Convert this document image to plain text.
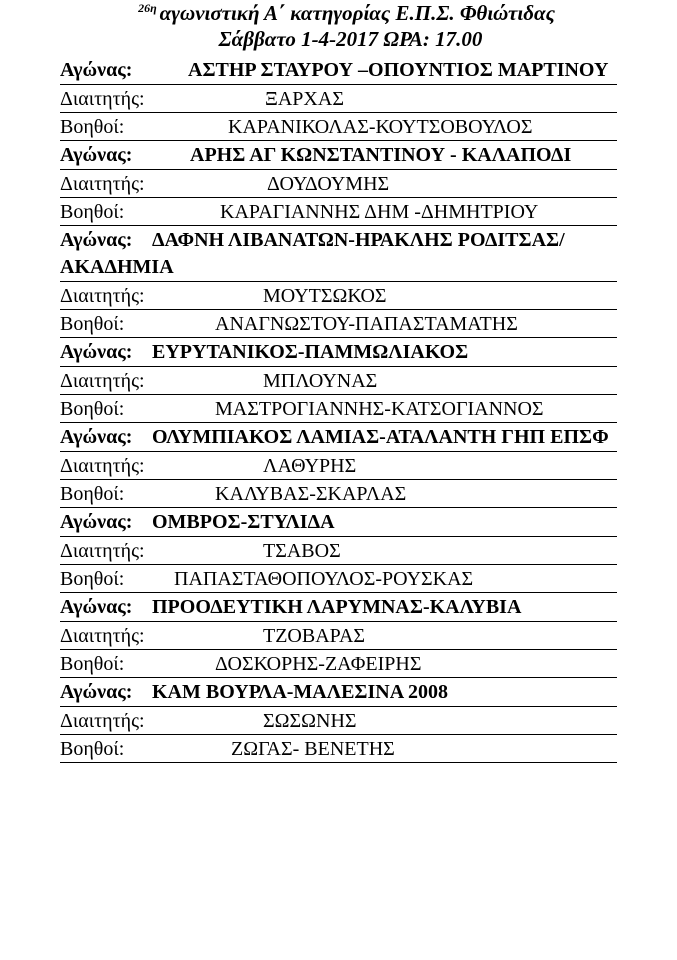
$^{26\eta}$ αγωνιστική Α΄ κατηγορίας Ε.Π.Σ. Φθιώτιδας
Σάββατο 1-4-2017 ΩΡΑ: 17.00
Αγώνας:	ΑΣΤΗΡ ΣΤΑΥΡΟΥ –ΟΠΟΥΝΤΙΟΣ ΜΑΡΤΙΝΟΥ
Διαιτητής:	ΞΑΡΧΑΣ
Βοηθοί:	ΚΑΡΑΝΙΚΟΛΑΣ-ΚΟΥΤΣΟΒΟΥΛΟΣ
Αγώνας:	ΑΡΗΣ ΑΓ ΚΩΝΣΤΑΝΤΙΝΟΥ - ΚΑΛΑΠΟΔΙ
Διαιτητής:	ΔΟΥΔΟΥΜΗΣ
Βοηθοί:	ΚΑΡΑΓΙΑΝΝΗΣ ΔΗΜ -ΔΗΜΗΤΡΙΟΥ
Αγώνας: ΔΑΦΝΗ ΛΙΒΑΝΑΤΩΝ-ΗΡΑΚΛΗΣ ΡΟΔΙΤΣΑΣ/ΑΚΑΔΗΜΙΑ
Διαιτητής:	ΜΟΥΤΣΩΚΟΣ
Βοηθοί:	ΑΝΑΓΝΩΣΤΟΥ-ΠΑΠΑΣΤΑΜΑΤΗΣ
Αγώνας: ΕΥΡΥΤΑΝΙΚΟΣ-ΠΑΜΜΩΛΙΑΚΟΣ
Διαιτητής:	ΜΠΛΟΥΝΑΣ
Βοηθοί:	ΜΑΣΤΡΟΓΙΑΝΝΗΣ-ΚΑΤΣΟΓΙΑΝΝΟΣ
Αγώνας: ΟΛΥΜΠΙΑΚΟΣ ΛΑΜΙΑΣ-ΑΤΑΛΑΝΤΗ ΓΗΠ ΕΠΣΦ
Διαιτητής:	ΛΑΘΥΡΗΣ
Βοηθοί:	ΚΑΛΥΒΑΣ-ΣΚΑΡΛΑΣ
Αγώνας: ΟΜΒΡΟΣ-ΣΤΥΛΙΔΑ
Διαιτητής:	ΤΣΑΒΟΣ
Βοηθοί: ΠΑΠΑΣΤΑΘΟΠΟΥΛΟΣ-ΡΟΥΣΚΑΣ
Αγώνας: ΠΡΟΟΔΕΥΤΙΚΗ ΛΑΡΥΜΝΑΣ-ΚΑΛΥΒΙΑ
Διαιτητής:	ΤΖΟΒΑΡΑΣ
Βοηθοί:	ΔΟΣΚΟΡΗΣ-ΖΑΦΕΙΡΗΣ
Αγώνας: ΚΑΜ ΒΟΥΡΛΑ-ΜΑΛΕΣΙΝΑ 2008
Διαιτητής:	ΣΩΣΩΝΗΣ
Βοηθοί:	ΖΩΓΑΣ- ΒΕΝΕΤΗΣ
